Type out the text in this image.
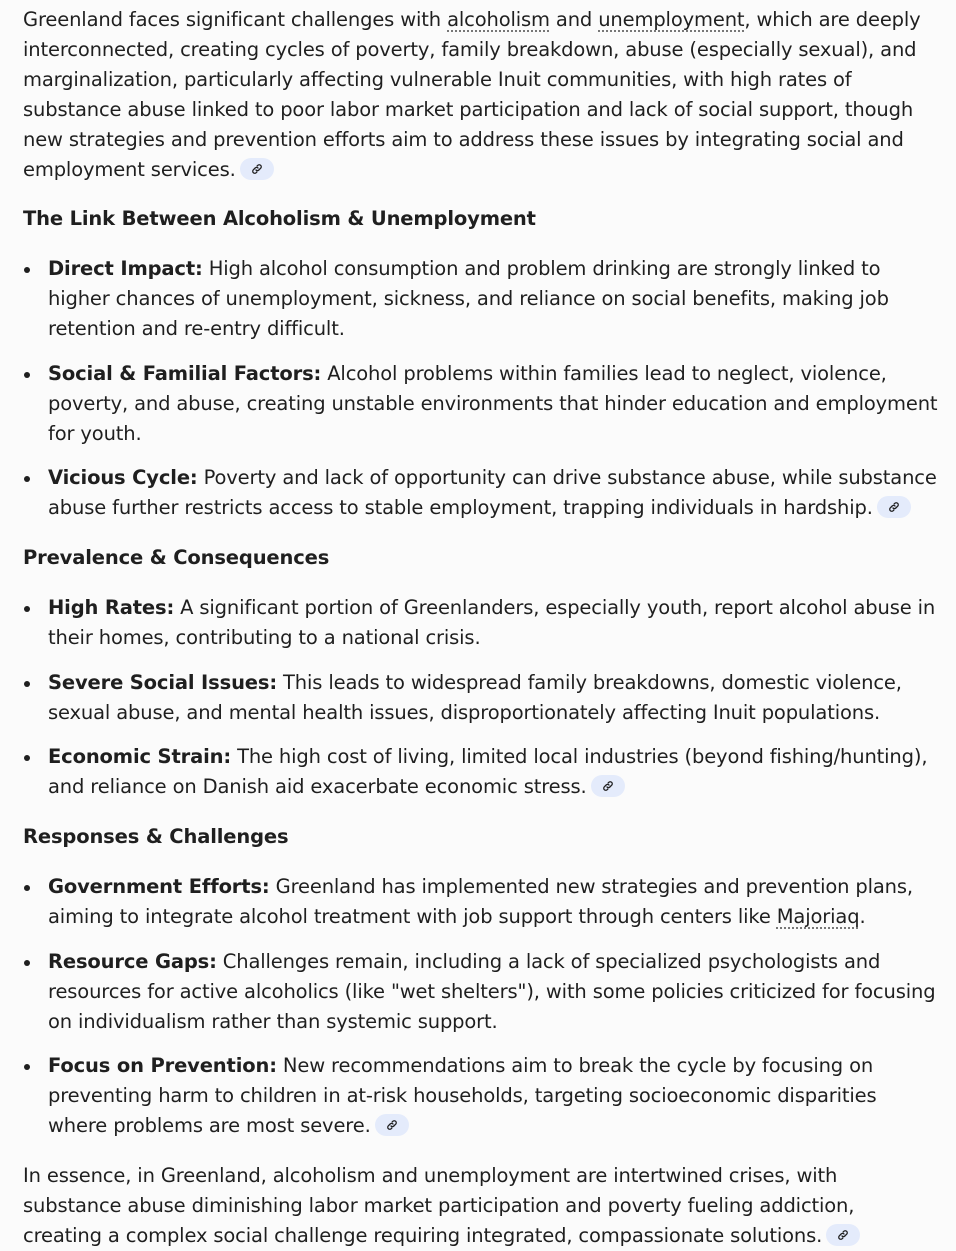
Greenland faces significant challenges with alcoholism and unemployment, which are deeply interconnected, creating cycles of poverty, family breakdown, abuse (especially sexual), and marginalization, particularly affecting vulnerable Inuit communities, with high rates of substance abuse linked to poor labor market participation and lack of social support, though new strategies and prevention efforts aim to address these issues by integrating social and employment services.

The Link Between Alcoholism & Unemployment
Direct Impact: High alcohol consumption and problem drinking are strongly linked to higher chances of unemployment, sickness, and reliance on social benefits, making job retention and re-entry difficult.
Social & Familial Factors: Alcohol problems within families lead to neglect, violence, poverty, and abuse, creating unstable environments that hinder education and employment for youth.
Vicious Cycle: Poverty and lack of opportunity can drive substance abuse, while substance abuse further restricts access to stable employment, trapping individuals in hardship.
Prevalence & Consequences
High Rates: A significant portion of Greenlanders, especially youth, report alcohol abuse in their homes, contributing to a national crisis.
Severe Social Issues: This leads to widespread family breakdowns, domestic violence, sexual abuse, and mental health issues, disproportionately affecting Inuit populations.
Economic Strain: The high cost of living, limited local industries (beyond fishing/hunting), and reliance on Danish aid exacerbate economic stress.
Responses & Challenges
Government Efforts: Greenland has implemented new strategies and prevention plans, aiming to integrate alcohol treatment with job support through centers like Majoriaq.
Resource Gaps: Challenges remain, including a lack of specialized psychologists and resources for active alcoholics (like "wet shelters"), with some policies criticized for focusing on individualism rather than systemic support.
Focus on Prevention: New recommendations aim to break the cycle by focusing on preventing harm to children in at-risk households, targeting socioeconomic disparities where problems are most severe.

In essence, in Greenland, alcoholism and unemployment are intertwined crises, with substance abuse diminishing labor market participation and poverty fueling addiction, creating a complex social challenge requiring integrated, compassionate solutions.
